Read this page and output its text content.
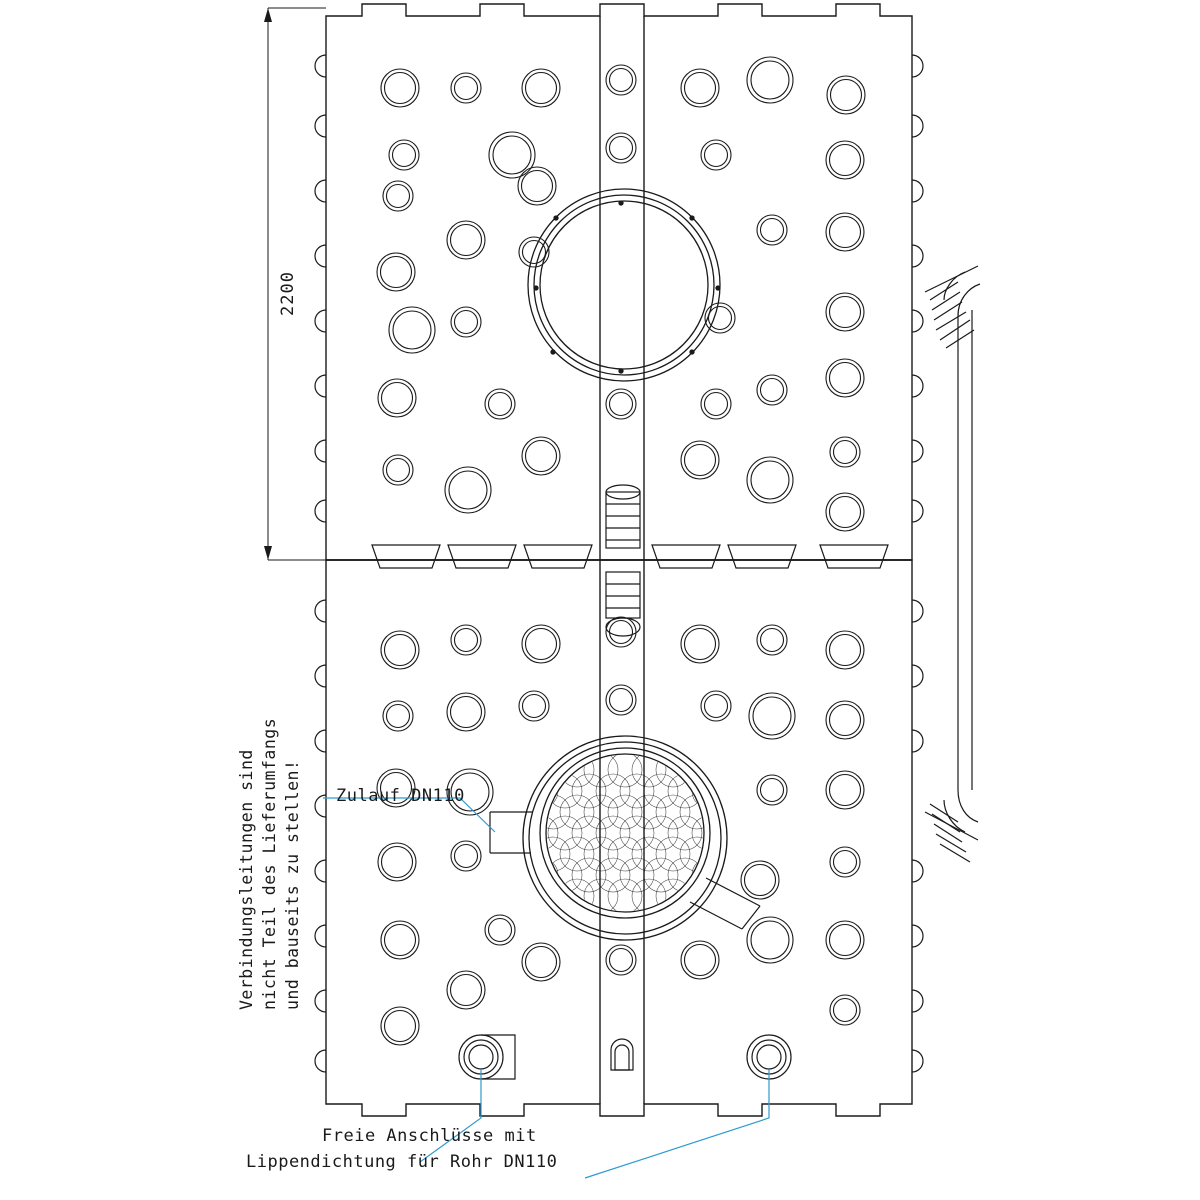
2200
Zulauf DN110
Freie Anschlüsse mit
Lippendichtung für Rohr DN110
Verbindungsleitungen sind nicht Teil des Lieferumfangs und bauseits zu stellen!
